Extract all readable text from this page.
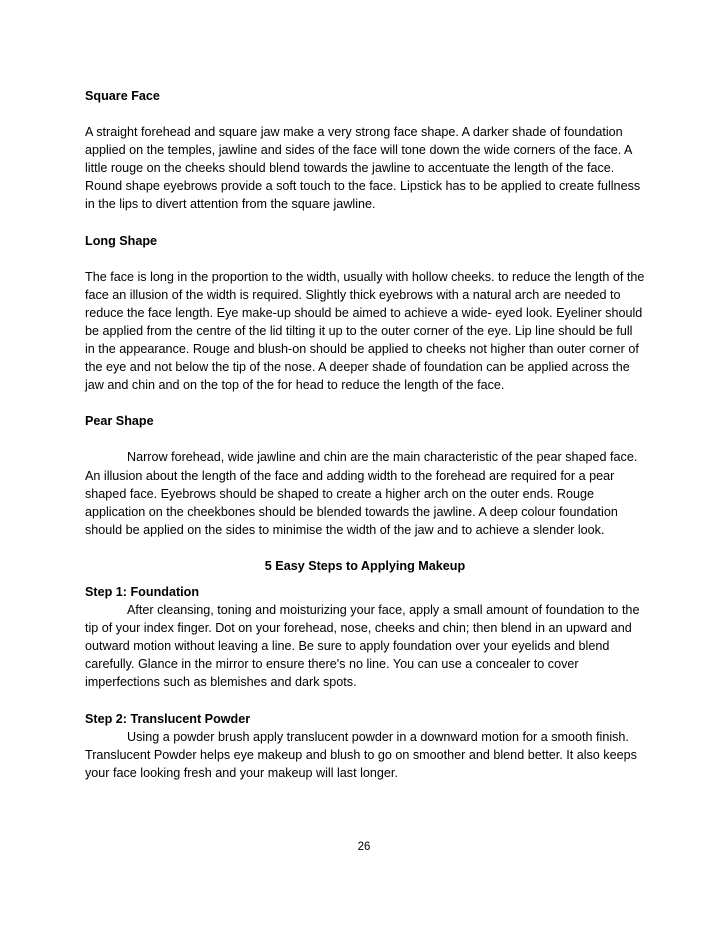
Square Face

A straight forehead and square jaw make a very strong face shape. A darker shade of foundation applied on the temples, jawline and sides of the face will tone down the wide corners of the face. A little rouge on the cheeks should blend towards the jawline to accentuate the length of the face. Round shape eyebrows provide a soft touch to the face. Lipstick has to be applied to create fullness in the lips to divert attention from the square jawline.

Long Shape

The face is long in the proportion to the width, usually with hollow cheeks. to reduce the length of the face an illusion of the width is required. Slightly thick eyebrows with a natural arch are needed to reduce the face length. Eye make-up should be aimed to achieve a wide- eyed look. Eyeliner should be applied from the centre of the lid tilting it up to the outer corner of the eye. Lip line should be full in the appearance. Rouge and blush-on should be applied to cheeks not higher than outer corner of the eye and not below the tip of the nose. A deeper shade of foundation can be applied across the jaw and chin and on the top of the for head to reduce the length of the face.

Pear Shape

Narrow forehead, wide jawline and chin are the main characteristic of the pear shaped face. An illusion about the length of the face and adding width to the forehead are required for a pear shaped face. Eyebrows should be shaped to create a higher arch on the outer ends. Rouge application on the cheekbones should be blended towards the jawline. A deep colour foundation should be applied on the sides to minimise the width of the jaw and to achieve a slender look.

5 Easy Steps to Applying Makeup

Step 1: Foundation

After cleansing, toning and moisturizing your face, apply a small amount of foundation to the tip of your index finger. Dot on your forehead, nose, cheeks and chin; then blend in an upward and outward motion without leaving a line. Be sure to apply foundation over your eyelids and blend carefully. Glance in the mirror to ensure there's no line. You can use a concealer to cover imperfections such as blemishes and dark spots.

Step 2: Translucent Powder

Using a powder brush apply translucent powder in a downward motion for a smooth finish. Translucent Powder helps eye makeup and blush to go on smoother and blend better. It also keeps your face looking fresh and your makeup will last longer.

26
